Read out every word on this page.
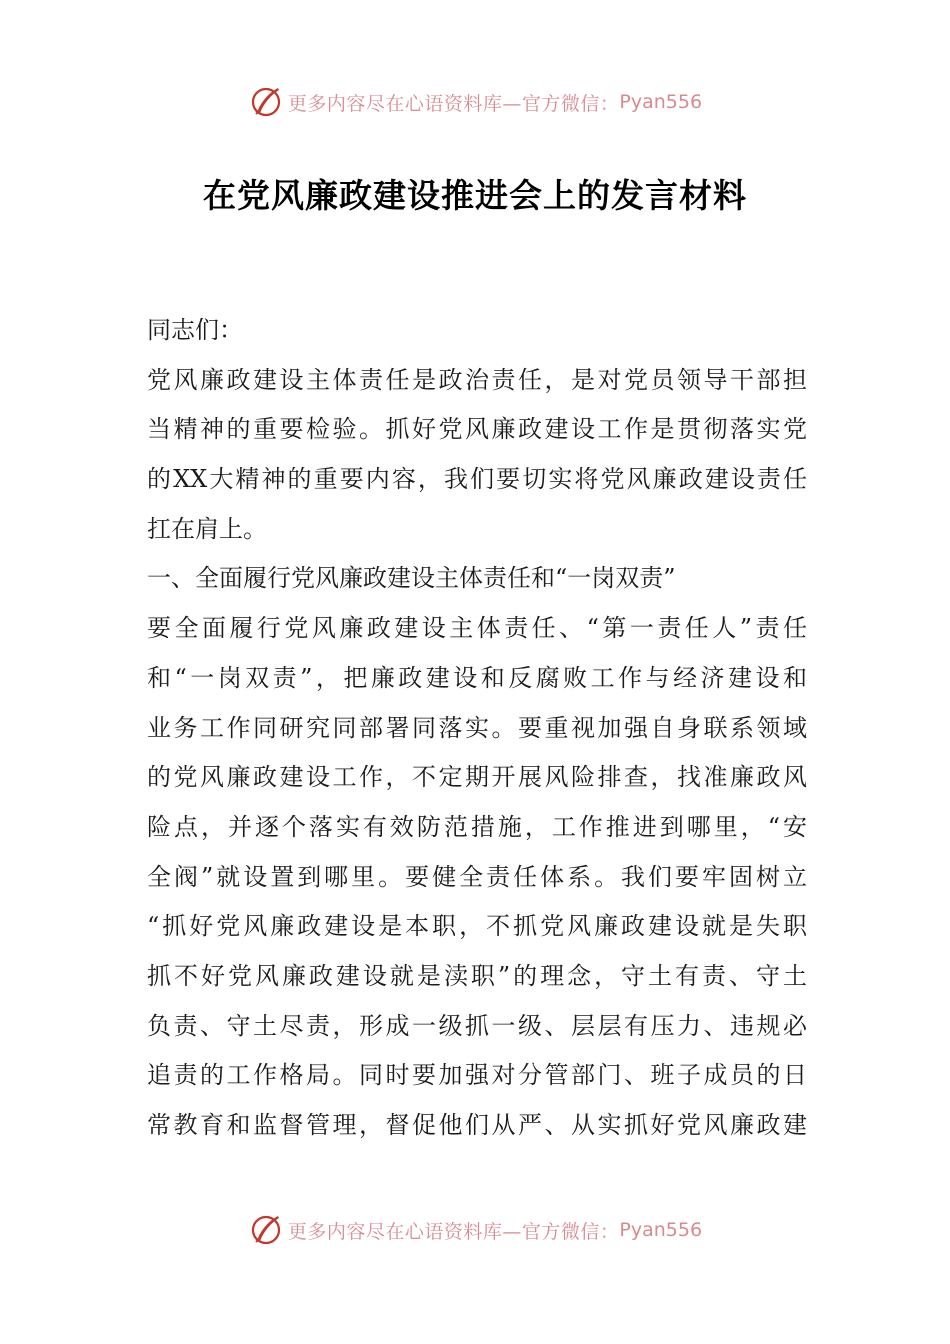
更多内容尽在心语资料库—官方微信： Pyan556
在党风廉政建设推进会上的发言材料
同志们：
党风廉政建设主体责任是政治责任，是对党员领导干部担
当精神的重要检验。抓好党风廉政建设工作是贯彻落实党
的XX大精神的重要内容，我们要切实将党风廉政建设责任
扛在肩上。
一、全面履行党风廉政建设主体责任和“一岗双责”
要全面履行党风廉政建设主体责任、“第一责任人”责任
和“一岗双责”，把廉政建设和反腐败工作与经济建设和
业务工作同研究同部署同落实。要重视加强自身联系领域
的党风廉政建设工作，不定期开展风险排查，找准廉政风
险点，并逐个落实有效防范措施，工作推进到哪里，“安
全阀”就设置到哪里。要健全责任体系。我们要牢固树立
“抓好党风廉政建设是本职，不抓党风廉政建设就是失职
抓不好党风廉政建设就是渎职”的理念，守土有责、守土
负责、守土尽责，形成一级抓一级、层层有压力、违规必
追责的工作格局。同时要加强对分管部门、班子成员的日
常教育和监督管理，督促他们从严、从实抓好党风廉政建
更多内容尽在心语资料库—官方微信： Pyan556
